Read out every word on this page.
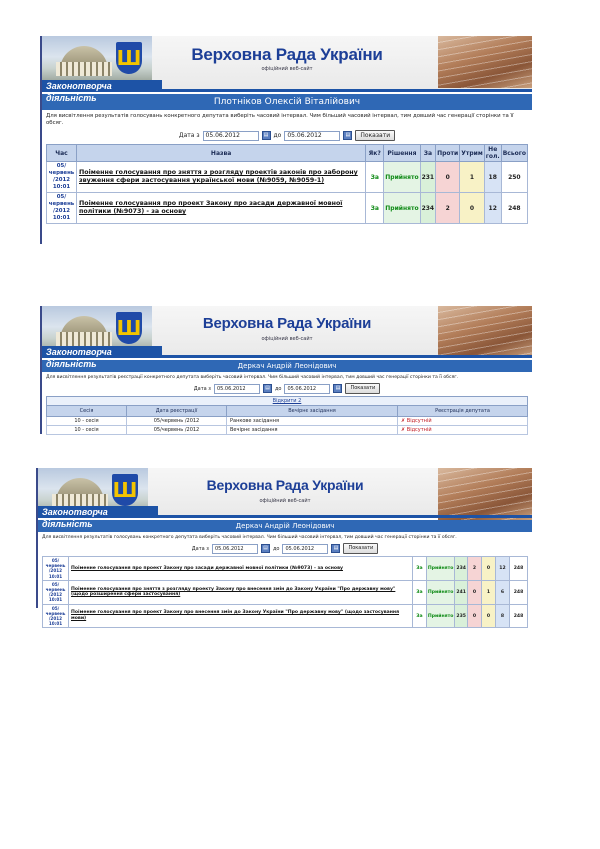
Ш	Верховна Рада України
офіційний веб-сайт
Законотворча діяльність	Плотніков Олексій Віталійович
Для висвітлення результатів голосувань конкретного депутата виберіть часовий інтервал. Чим більший часовий інтервал, тим довший час генерації сторінки та її обсяг.
Дата з	05.06.2012	▤ до	05.06.2012	▤	Показати
Час	Назва	Як?	Рішення	За	Проти	Утрим	Не гол.	Всього
05/ червень /2012 10:01	Поіменне голосування про зняття з розгляду проектів законів про заборону звуження сфери застосування української мови (№9059, №9059-1)	За	Прийнято	231	0	1	18	250
05/ червень /2012 10:01	Поіменне голосування про проект Закону про засади державної мовної політики (№9073) - за основу	За	Прийнято	234	2	0	12	248
Ш	Верховна Рада України
офіційний веб-сайт
Законотворча діяльність	Деркач Андрій Леонідович
Для висвітлення результатів реєстрації конкретного депутата виберіть часовий інтервал. Чим більший часовий інтервал, тим довший час генерації сторінки та її обсяг.
Дата з	05.06.2012	▤	до	05.06.2012	▤	Показати
Відкрити 2
Сесія	Дата реєстрації	Вечірнє засідання	Реєстрація депутата
10 - сесія	05/червень /2012	Ранкове засідання	✗ Відсутній
10 - сесія	05/червень /2012	Вечірнє засідання	✗ Відсутній
Ш	Верховна Рада України
офіційний веб-сайт
Законотворча діяльність	Деркач Андрій Леонідович
Для висвітлення результатів голосувань конкретного депутата виберіть часовий інтервал. Чим більший часовий інтервал, тим довший час генерації сторінки та її обсяг.
Дата з	05.06.2012	▤	до	05.06.2012	▤	Показати
05/ червень /2012 10:01	Поіменне голосування про проект Закону про засади державної мовної політики (№9073) - за основу	За	Прийнято	234	2	0	12	248
05/ червень /2012 10:01	Поіменне голосування про зняття з розгляду проекту Закону про внесення змін до Закону України "Про державну мову" (щодо розширення сфери застосування)	За	Прийнято	241	0	1	6	248
05/ червень /2012 10:01	Поіменне голосування про проект Закону про внесення змін до Закону України "Про державну мову" (щодо застосування мови)	За	Прийнято	235	0	0	8	248
